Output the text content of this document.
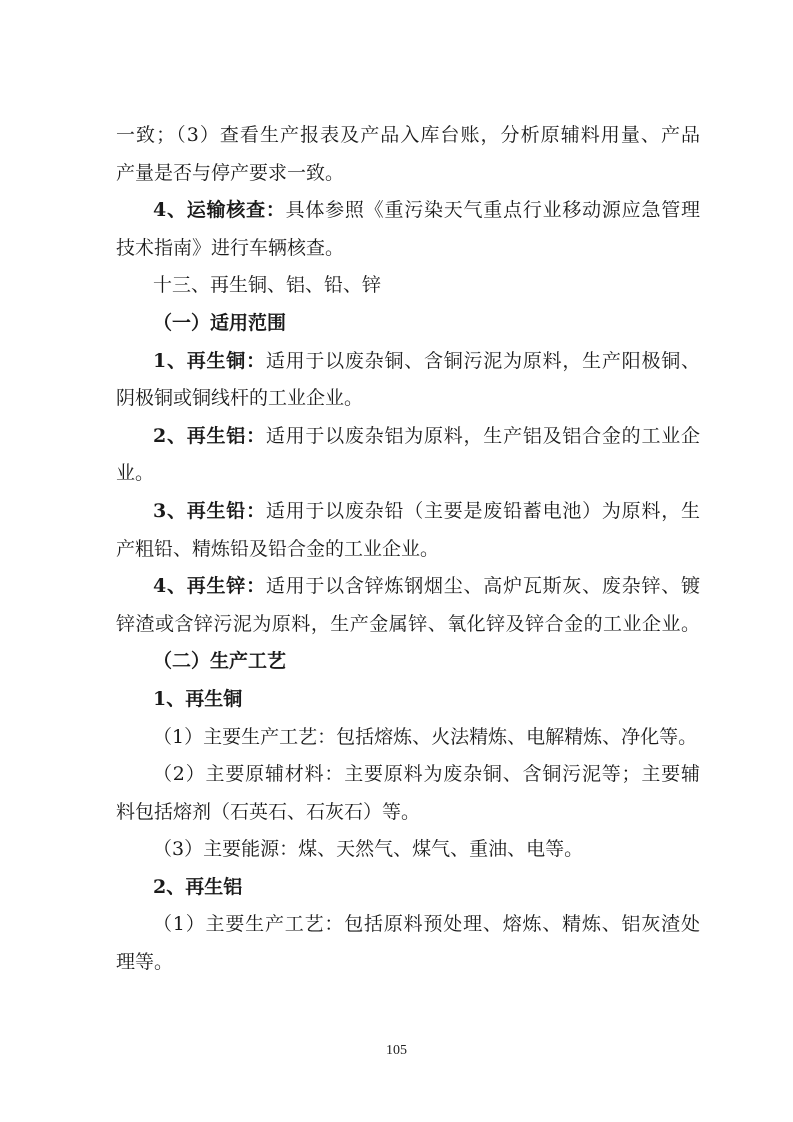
一致；（3）查看生产报表及产品入库台账，分析原辅料用量、产品
产量是否与停产要求一致。
4、运输核查：具体参照《重污染天气重点行业移动源应急管理
技术指南》进行车辆核查。
十三、再生铜、铝、铅、锌
（一）适用范围
1、再生铜：适用于以废杂铜、含铜污泥为原料，生产阳极铜、
阴极铜或铜线杆的工业企业。
2、再生铝：适用于以废杂铝为原料，生产铝及铝合金的工业企
业。
3、再生铅：适用于以废杂铅（主要是废铅蓄电池）为原料，生
产粗铅、精炼铅及铅合金的工业企业。
4、再生锌：适用于以含锌炼钢烟尘、高炉瓦斯灰、废杂锌、镀
锌渣或含锌污泥为原料，生产金属锌、氧化锌及锌合金的工业企业。
（二）生产工艺
1、再生铜
（1）主要生产工艺：包括熔炼、火法精炼、电解精炼、净化等。
（2）主要原辅材料：主要原料为废杂铜、含铜污泥等；主要辅
料包括熔剂（石英石、石灰石）等。
（3）主要能源：煤、天然气、煤气、重油、电等。
2、再生铝
（1）主要生产工艺：包括原料预处理、熔炼、精炼、铝灰渣处
理等。
105
